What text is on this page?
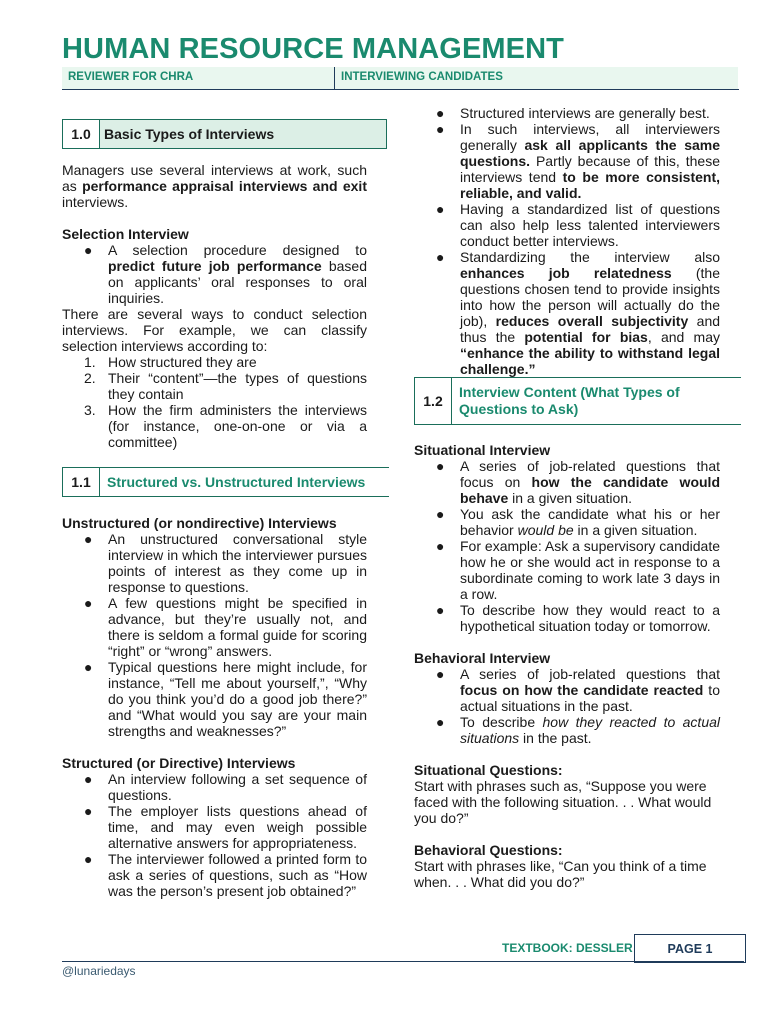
HUMAN RESOURCE MANAGEMENT
REVIEWER FOR CHRA	INTERVIEWING CANDIDATES
1.0 Basic Types of Interviews

Managers use several interviews at work, such as performance appraisal interviews and exit interviews.

Selection Interview
● A selection procedure designed to predict future job performance based on applicants’ oral responses to oral inquiries.

There are several ways to conduct selection interviews. For example, we can classify selection interviews according to:

1. How structured they are
2. Their “content”—the types of questions they contain
3. How the firm administers the interviews (for instance, one-on-one or via a committee)
1.1	Structured vs. Unstructured Interviews
Unstructured (or nondirective) Interviews
● An unstructured conversational style interview in which the interviewer pursues points of interest as they come up in response to questions.
● A few questions might be specified in advance, but they’re usually not, and there is seldom a formal guide for scoring “right” or “wrong” answers.
● Typical questions here might include, for instance, “Tell me about yourself,”, “Why do you think you’d do a good job there?” and “What would you say are your main strengths and weaknesses?”
Structured (or Directive) Interviews
● An interview following a set sequence of questions.
● The employer lists questions ahead of time, and may even weigh possible alternative answers for appropriateness.
● The interviewer followed a printed form to ask a series of questions, such as “How was the person’s present job obtained?”
● Structured interviews are generally best.
● In such interviews, all interviewers generally ask all applicants the same questions. Partly because of this, these interviews tend to be more consistent, reliable, and valid.
● Having a standardized list of questions can also help less talented interviewers conduct better interviews.
● Standardizing the interview also enhances job relatedness (the questions chosen tend to provide insights into how the person will actually do the job), reduces overall subjectivity and thus the potential for bias, and may “enhance the ability to withstand legal challenge.”
1.2
Interview Content (What Types of
Questions to Ask)
Situational Interview
● A series of job-related questions that focus on how the candidate would behave in a given situation.
● You ask the candidate what his or her behavior would be in a given situation.
● For example: Ask a supervisory candidate how he or she would act in response to a subordinate coming to work late 3 days in a row.
● To describe how they would react to a hypothetical situation today or tomorrow.
Behavioral Interview
● A series of job-related questions that focus on how the candidate reacted to actual situations in the past.
● To describe how they reacted to actual situations in the past.
Situational Questions:

Start with phrases such as, “Suppose you were faced with the following situation. . . What would you do?”

Behavioral Questions:

Start with phrases like, “Can you think of a time when. . . What did you do?”

TEXTBOOK: DESSLER	PAGE 1
@lunariedays
